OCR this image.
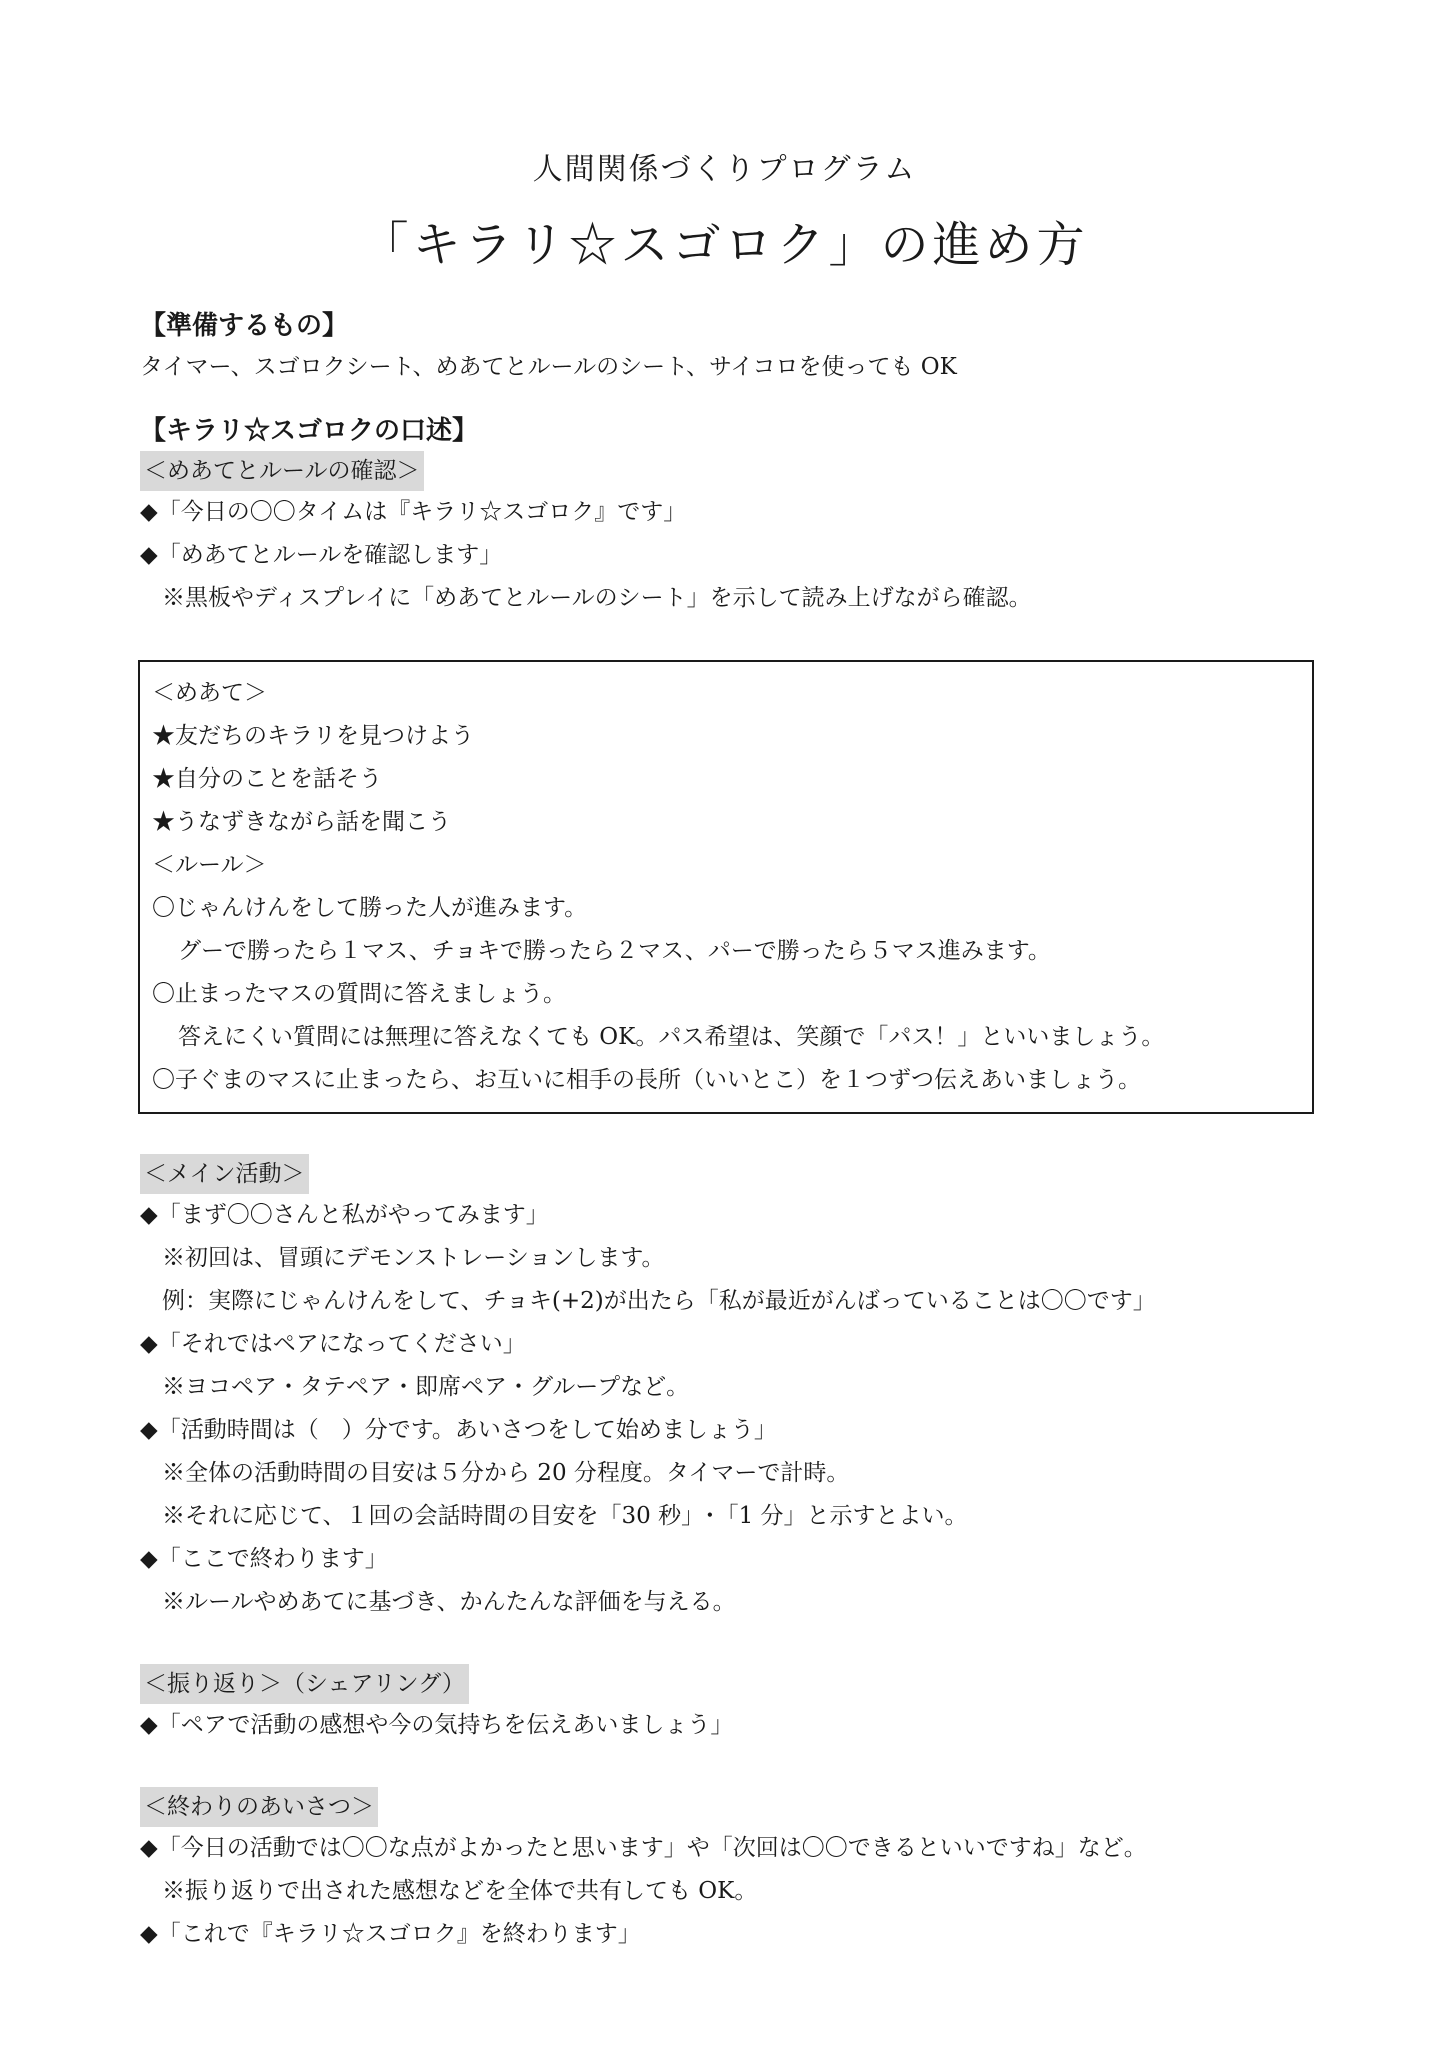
人間関係づくりプログラム
「キラリ☆スゴロク」の進め方

【準備するもの】

タイマー、スゴロクシート、めあてとルールのシート、サイコロを使っても OK

【キラリ☆スゴロクの口述】

＜めあてとルールの確認＞

◆「今日の〇〇タイムは『キラリ☆スゴロク』です」

◆「めあてとルールを確認します」

※黒板やディスプレイに「めあてとルールのシート」を示して読み上げながら確認。

＜めあて＞

★友だちのキラリを見つけよう

★自分のことを話そう

★うなずきながら話を聞こう

＜ルール＞

〇じゃんけんをして勝った人が進みます。

グーで勝ったら１マス、チョキで勝ったら２マス、パーで勝ったら５マス進みます。

〇止まったマスの質問に答えましょう。

答えにくい質問には無理に答えなくても OK。パス希望は、笑顔で「パス！」といいましょう。

〇子ぐまのマスに止まったら、お互いに相手の長所（いいとこ）を１つずつ伝えあいましょう。

＜メイン活動＞

◆「まず〇〇さんと私がやってみます」

※初回は、冒頭にデモンストレーションします。

例：実際にじゃんけんをして、チョキ(+2)が出たら「私が最近がんばっていることは〇〇です」

◆「それではペアになってください」

※ヨコペア・タテペア・即席ペア・グループなど。

◆「活動時間は（　）分です。あいさつをして始めましょう」

※全体の活動時間の目安は５分から 20 分程度。タイマーで計時。

※それに応じて、１回の会話時間の目安を「30 秒」･「1 分」と示すとよい。

◆「ここで終わります」

※ルールやめあてに基づき、かんたんな評価を与える。

＜振り返り＞（シェアリング）

◆「ペアで活動の感想や今の気持ちを伝えあいましょう」

＜終わりのあいさつ＞

◆「今日の活動では〇〇な点がよかったと思います」や「次回は〇〇できるといいですね」など。

※振り返りで出された感想などを全体で共有しても OK。

◆「これで『キラリ☆スゴロク』を終わります」
